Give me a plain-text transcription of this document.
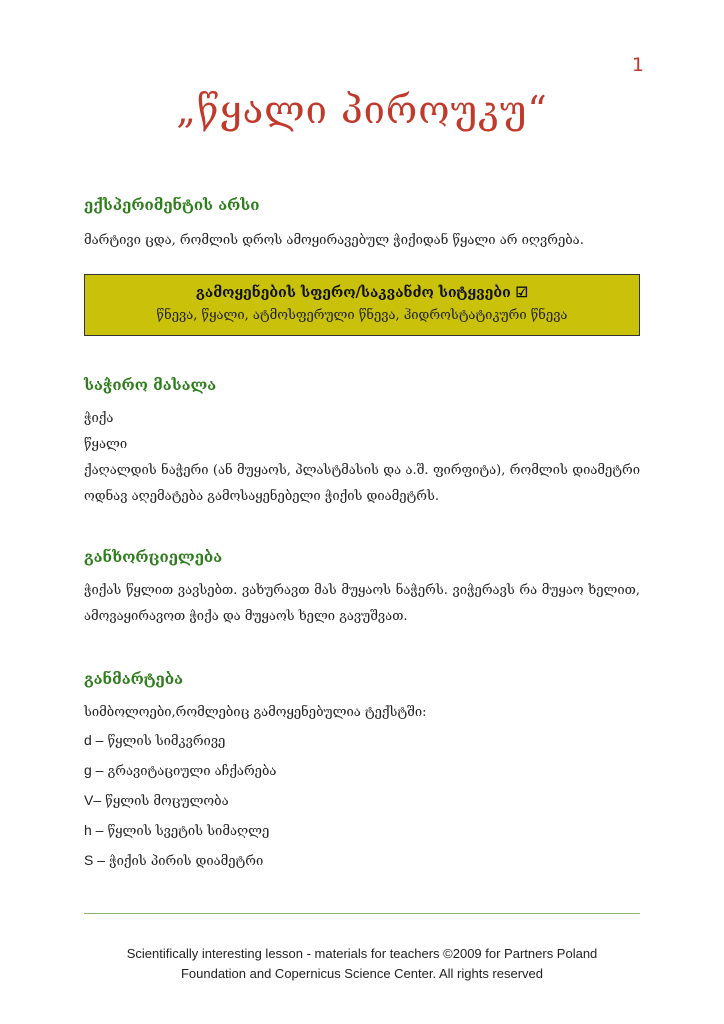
1
„წყალი პიროუკუ“
ექსპერიმენტის არსი

მარტივი ცდა, რომლის დროს ამოყირავებულ ჭიქიდან წყალი არ იღვრება.

გამოყენების სფერო/საკვანძო სიტყვები ☑
წნევა, წყალი, ატმოსფერული წნევა, ჰიდროსტატიკური წნევა
საჭირო მასალა

ჭიქა

წყალი

ქაღალდის ნაჭერი (ან მუყაოს, პლასტმასის და ა.შ. ფირფიტა), რომლის დიამეტრი ოდნავ აღემატება გამოსაყენებელი ჭიქის დიამეტრს.

განხორციელება

ჭიქას წყლით ვავსებთ. ვახურავთ მას მუყაოს ნაჭერს. ვიჭერავს რა მუყაო ხელით, ამოვაყირავოთ ჭიქა და მუყაოს ხელი გავუშვათ.

განმარტება

სიმბოლოები,რომლებიც გამოყენებულია ტექსტში:

d – წყლის სიმკვრივე
g – გრავიტაციული აჩქარება
V– წყლის მოცულობა
h – წყლის სვეტის სიმაღლე
S – ჭიქის პირის დიამეტრი
Scientifically interesting lesson - materials for teachers ©2009 for Partners Poland
Foundation and Copernicus Science Center. All rights reserved
